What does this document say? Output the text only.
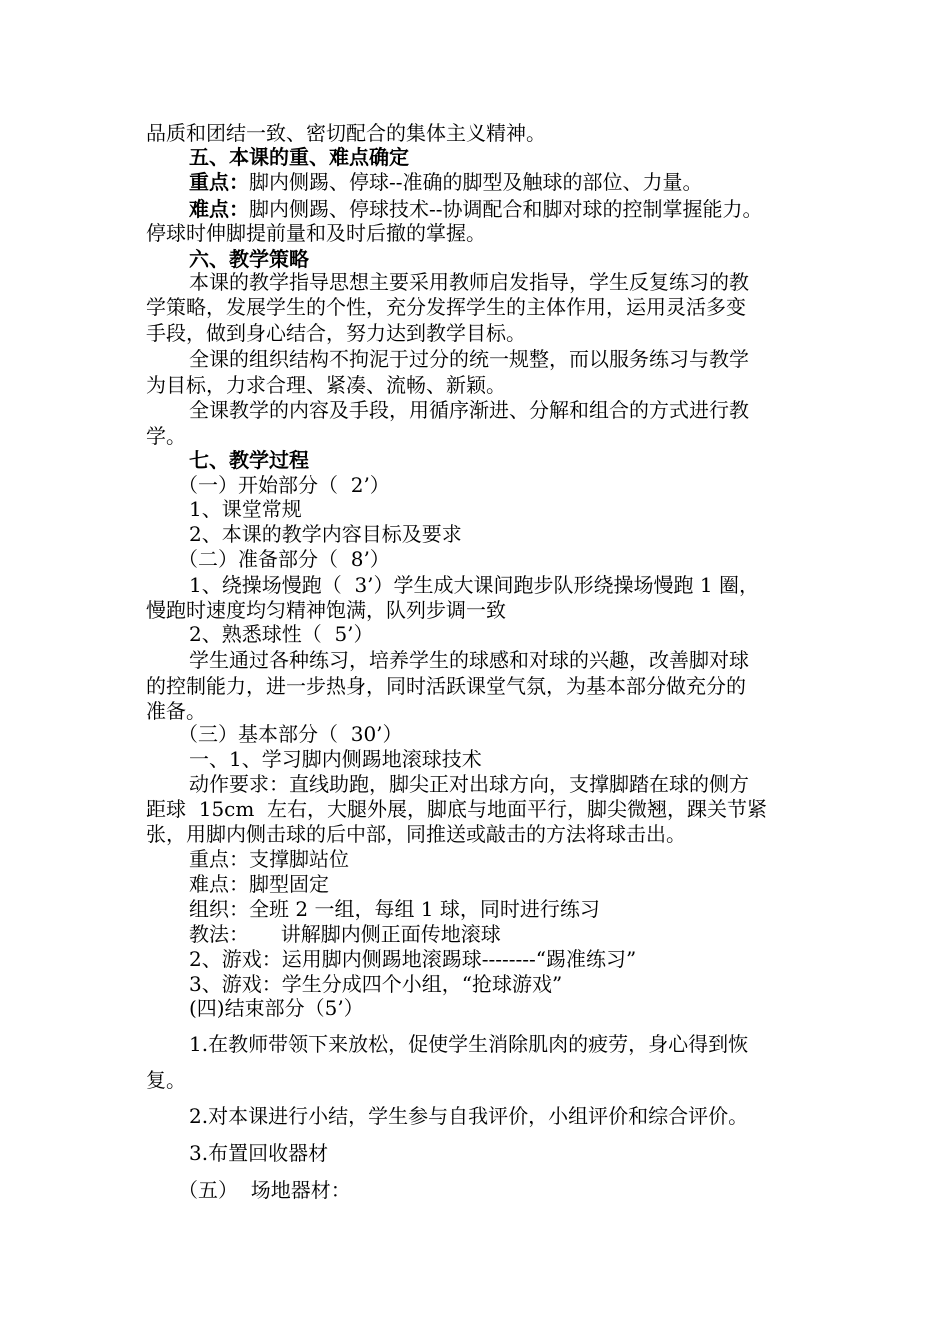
品质和团结一致、密切配合的集体主义精神。
五、本课的重、难点确定
重点：脚内侧踢、停球--准确的脚型及触球的部位、力量。
难点：脚内侧踢、停球技术--协调配合和脚对球的控制掌握能力。
停球时伸脚提前量和及时后撤的掌握。
六、教学策略
本课的教学指导思想主要采用教师启发指导，学生反复练习的教
学策略，发展学生的个性，充分发挥学生的主体作用，运用灵活多变
手段，做到身心结合，努力达到教学目标。
全课的组织结构不拘泥于过分的统一规整，而以服务练习与教学
为目标，力求合理、紧凑、流畅、新颖。
全课教学的内容及手段，用循序渐进、分解和组合的方式进行教
学。
七、教学过程
（一）开始部分（  2’）
1、课堂常规
2、本课的教学内容目标及要求
（二）准备部分（  8’）
1、绕操场慢跑（  3’）学生成大课间跑步队形绕操场慢跑 1 圈，
慢跑时速度均匀精神饱满，队列步调一致
2、熟悉球性（  5’）
学生通过各种练习，培养学生的球感和对球的兴趣，改善脚对球
的控制能力，进一步热身，同时活跃课堂气氛，为基本部分做充分的
准备。
（三）基本部分（  30’）
一、1、学习脚内侧踢地滚球技术
动作要求：直线助跑，脚尖正对出球方向，支撑脚踏在球的侧方
距球  15cm  左右，大腿外展，脚底与地面平行，脚尖微翘，踝关节紧
张，用脚内侧击球的后中部，同推送或敲击的方法将球击出。
重点：支撑脚站位
难点：脚型固定
组织：全班 2 一组，每组 1 球，同时进行练习
教法：     讲解脚内侧正面传地滚球
2、游戏：运用脚内侧踢地滚踢球--------“踢准练习”
3、游戏：学生分成四个小组，“抢球游戏”
(四)结束部分（5’）
1.在教师带领下来放松，促使学生消除肌肉的疲劳，身心得到恢
复。
2.对本课进行小结，学生参与自我评价，小组评价和综合评价。
3.布置回收器材
（五）  场地器材：
